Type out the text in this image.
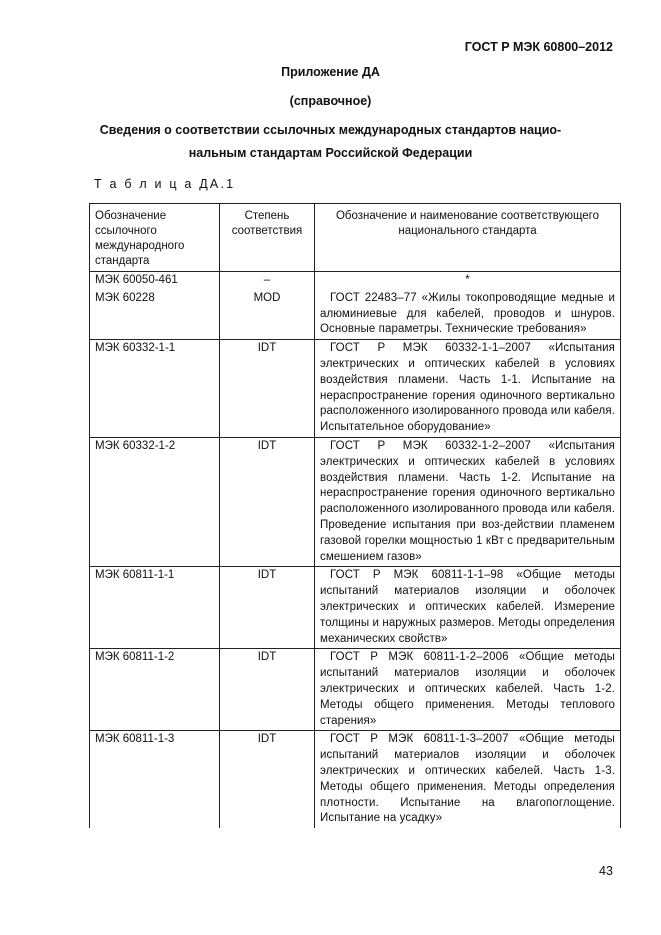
ГОСТ Р МЭК 60800–2012
Приложение ДА
(справочное)
Сведения о соответствии ссылочных международных стандартов нацио-
нальным стандартам Российской Федерации
Т а б л и ц а ДА.1
Обозначение ссылочного международного стандарта	Степень соответствия	Обозначение и наименование соответствующего национального стандарта
МЭК 60050-461	–	*
МЭК 60228	MOD	ГОСТ 22483–77 «Жилы токопроводящие медные и алюминиевые для кабелей, проводов и шнуров. Основные параметры. Технические требования»
МЭК 60332-1-1	IDT	ГОСТ Р МЭК 60332-1-1–2007 «Испытания электрических и оптических кабелей в условиях воздействия пламени. Часть 1-1. Испытание на нераспространение горения одиночного вертикально расположенного изолированного провода или кабеля. Испытательное оборудование»
МЭК 60332-1-2	IDT	ГОСТ Р МЭК 60332-1-2–2007 «Испытания электрических и оптических кабелей в условиях воздействия пламени. Часть 1-2. Испытание на нераспространение горения одиночного вертикально расположенного изолированного провода или кабеля. Проведение испытания при воз-действии пламенем газовой горелки мощностью 1 кВт с предварительным смешением газов»
МЭК 60811-1-1	IDT	ГОСТ Р МЭК 60811-1-1–98 «Общие методы испытаний материалов изоляции и оболочек электрических и оптических кабелей. Измерение толщины и наружных размеров. Методы определения механических свойств»
МЭК 60811-1-2	IDT	ГОСТ Р МЭК 60811-1-2–2006 «Общие методы испытаний материалов изоляции и оболочек электрических и оптических кабелей. Часть 1-2. Методы общего применения. Методы теплового старения»
МЭК 60811-1-3	IDT	ГОСТ Р МЭК 60811-1-3–2007 «Общие методы испытаний материалов изоляции и оболочек электрических и оптических кабелей. Часть 1-3. Методы общего применения. Методы определения плотности. Испытание на влагопоглощение. Испытание на усадку»
43
